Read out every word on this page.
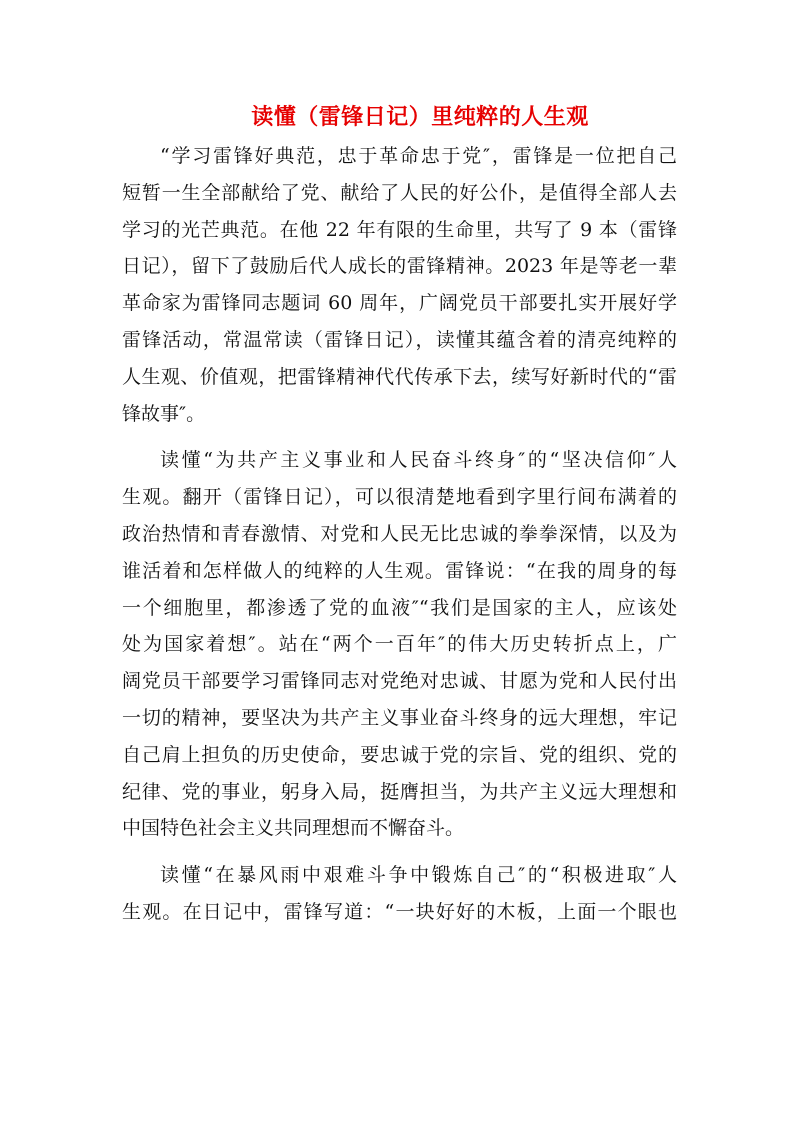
读懂（雷锋日记）里纯粹的人生观
“学习雷锋好典范，忠于革命忠于党″，雷锋是一位把自己
短暂一生全部献给了党、献给了人民的好公仆，是值得全部人去
学习的光芒典范。在他 22 年有限的生命里，共写了 9 本（雷锋
日记），留下了鼓励后代人成长的雷锋精神。2023 年是等老一辈
革命家为雷锋同志题词 60 周年，广阔党员干部要扎实开展好学
雷锋活动，常温常读（雷锋日记），读懂其蕴含着的清亮纯粹的
人生观、价值观，把雷锋精神代代传承下去，续写好新时代的“雷
锋故事″。
读懂“为共产主义事业和人民奋斗终身″的“坚决信仰″人
生观。翻开（雷锋日记），可以很清楚地看到字里行间布满着的
政治热情和青春激情、对党和人民无比忠诚的拳拳深情，以及为
谁活着和怎样做人的纯粹的人生观。雷锋说：“在我的周身的每
一个细胞里，都渗透了党的血液″“我们是国家的主人，应该处
处为国家着想″。站在“两个一百年″的伟大历史转折点上，广
阔党员干部要学习雷锋同志对党绝对忠诚、甘愿为党和人民付出
一切的精神，要坚决为共产主义事业奋斗终身的远大理想，牢记
自己肩上担负的历史使命，要忠诚于党的宗旨、党的组织、党的
纪律、党的事业，躬身入局，挺膺担当，为共产主义远大理想和
中国特色社会主义共同理想而不懈奋斗。
读懂“在暴风雨中艰难斗争中锻炼自己″的“积极进取″人
生观。在日记中，雷锋写道：“一块好好的木板，上面一个眼也
